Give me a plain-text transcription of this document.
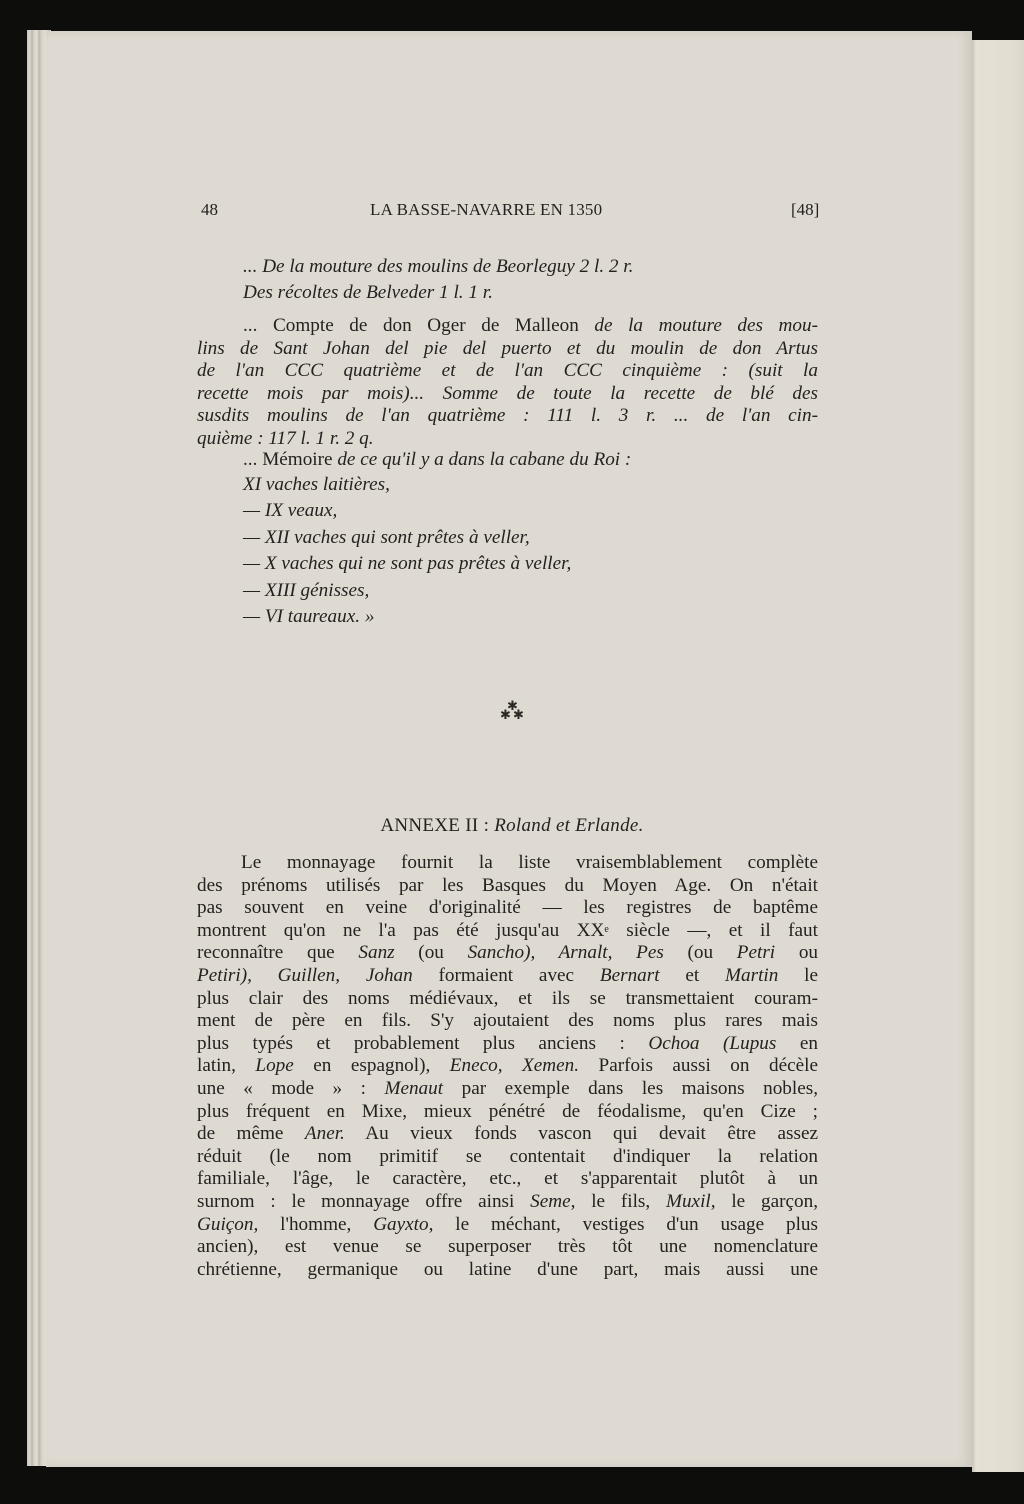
48	LA BASSE-NAVARRE EN 1350	[48]
... De la mouture des moulins de Beorleguy 2 l. 2 r.
Des récoltes de Belveder 1 l. 1 r.
... Compte de don Oger de Malleon de la mouture des mou-
lins de Sant Johan del pie del puerto et du moulin de don Artus
de l'an CCC quatrième et de l'an CCC cinquième : (suit la
recette mois par mois)... Somme de toute la recette de blé des
susdits moulins de l'an quatrième : 111 l. 3 r. ... de l'an cin-
quième : 117 l. 1 r. 2 q.
... Mémoire de ce qu'il y a dans la cabane du Roi :
XI vaches laitières,
— IX veaux,
— XII vaches qui sont prêtes à veller,
— X vaches qui ne sont pas prêtes à veller,
— XIII génisses,
— VI taureaux. »
✱
✱ ✱
ANNEXE II : Roland et Erlande.
Le monnayage fournit la liste vraisemblablement complète
des prénoms utilisés par les Basques du Moyen Age. On n'était
pas souvent en veine d'originalité — les registres de baptême
montrent qu'on ne l'a pas été jusqu'au XXe siècle —, et il faut
reconnaître que Sanz (ou Sancho), Arnalt, Pes (ou Petri ou
Petiri), Guillen, Johan formaient avec Bernart et Martin le
plus clair des noms médiévaux, et ils se transmettaient couram-
ment de père en fils. S'y ajoutaient des noms plus rares mais
plus typés et probablement plus anciens : Ochoa (Lupus en
latin, Lope en espagnol), Eneco, Xemen. Parfois aussi on décèle
une « mode » : Menaut par exemple dans les maisons nobles,
plus fréquent en Mixe, mieux pénétré de féodalisme, qu'en Cize ;
de même Aner. Au vieux fonds vascon qui devait être assez
réduit (le nom primitif se contentait d'indiquer la relation
familiale, l'âge, le caractère, etc., et s'apparentait plutôt à un
surnom : le monnayage offre ainsi Seme, le fils, Muxil, le garçon,
Guiçon, l'homme, Gayxto, le méchant, vestiges d'un usage plus
ancien), est venue se superposer très tôt une nomenclature
chrétienne, germanique ou latine d'une part, mais aussi une
